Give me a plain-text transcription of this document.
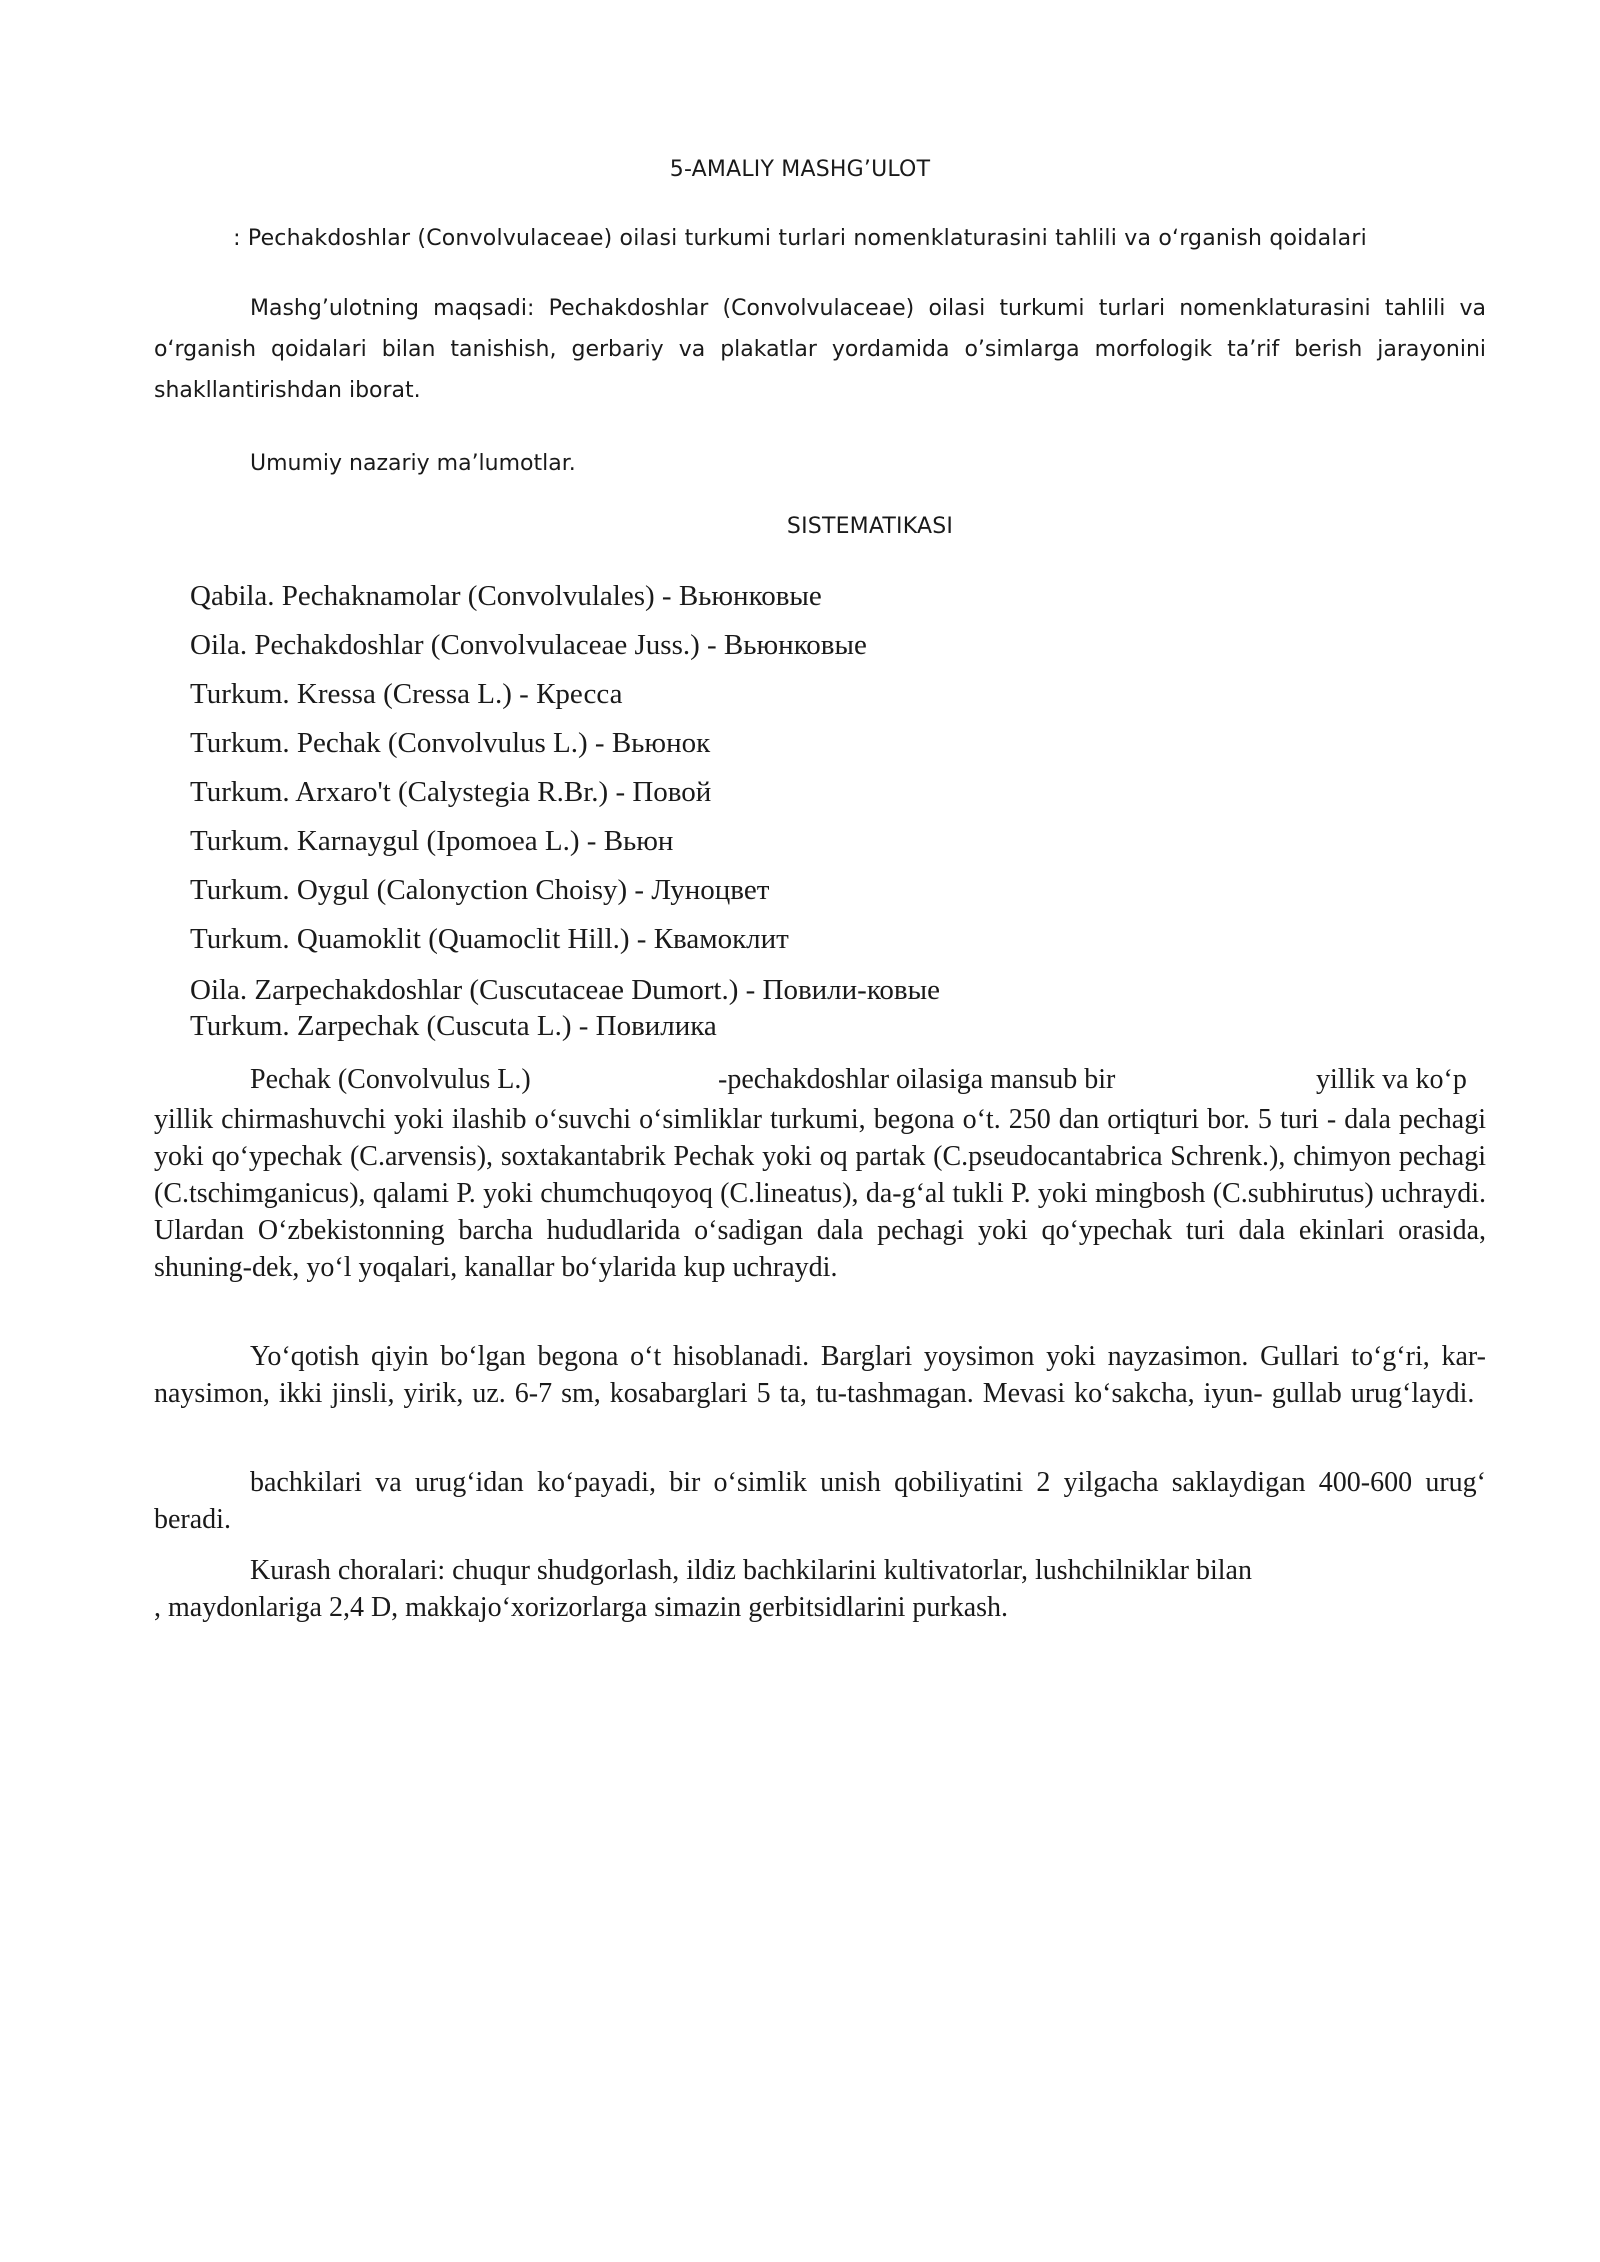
5-AMALIY MASHG’ULOT
: Pechakdoshlar (Convolvulaceae) oilasi turkumi turlari nomenklaturasini tahlili va oʻrganish qoidalari

Mashg’ulotning maqsadi: Pechakdoshlar (Convolvulaceae) oilasi turkumi turlari nomenklaturasini tahlili va oʻrganish qoidalari bilan tanishish, gerbariy va plakatlar yordamida o’simlarga morfologik ta’rif berish jarayonini shakllantirishdan iborat.

Umumiy nazariy ma’lumotlar.

SISTEMATIKASI

Qabila. Pechaknamolar (Convolvulales) - Вьюнковые

Oila. Pechakdoshlar (Convolvulaceae Juss.) - Вьюнковые

Turkum. Kressa (Cressa L.) - Кресса

Turkum. Pechak (Convolvulus L.) - Вьюнок

Turkum. Arxaro't (Calystegia R.Br.) - Повой

Turkum. Karnaygul (Ipomoea L.) - Вьюн

Turkum. Oygul (Calonyction Choisy) - Луноцвет

Turkum. Quamoklit (Quamoclit Hill.) - Квамоклит

Oila. Zarpechakdoshlar (Cuscutaceae Dumort.) - Повили-ковые

Turkum. Zarpechak (Cuscuta L.) - Повилика

Pechak (Convolvulus L.)	-pechakdoshlar oilasiga mansub bir	yillik va koʻp

yillik chirmashuvchi yoki ilashib oʻsuvchi oʻsimliklar turkumi, begona oʻt. 250 dan ortiqturi bor. 5 turi - dala pechagi yoki qoʻypechak (C.arvensis), soxtakantabrik Pechak yoki oq partak (C.pseudocantabrica Schrenk.), chimyon pechagi (C.tschimganicus), qalami P. yoki chumchuqoyoq (C.lineatus), da-gʻal tukli P. yoki mingbosh (C.subhirutus) uchraydi. Ulardan Oʻzbekistonning barcha hududlarida oʻsadigan dala pechagi yoki qoʻypechak turi dala ekinlari orasida, shuning-dek, yoʻl yoqalari, kanallar boʻylarida kup uchraydi.

Yoʻqotish qiyin boʻlgan begona oʻt hisoblanadi. Barglari yoysimon yoki nayzasimon. Gullari toʻgʻri, kar-naysimon, ikki jinsli, yirik, uz. 6-7 sm, kosabarglari 5 ta, tu-tashmagan. Mevasi koʻsakcha, iyun- gullab urugʻlaydi.

bachkilari va urugʻidan koʻpayadi, bir oʻsimlik unish qobiliyatini 2 yilgacha saklaydigan 400-600 urugʻ beradi.

Kurash choralari: chuqur shudgorlash, ildiz bachkilarini kultivatorlar, lushchilniklar bilan

, maydonlariga 2,4 D, makkajoʻxorizorlarga simazin gerbitsidlarini purkash.
